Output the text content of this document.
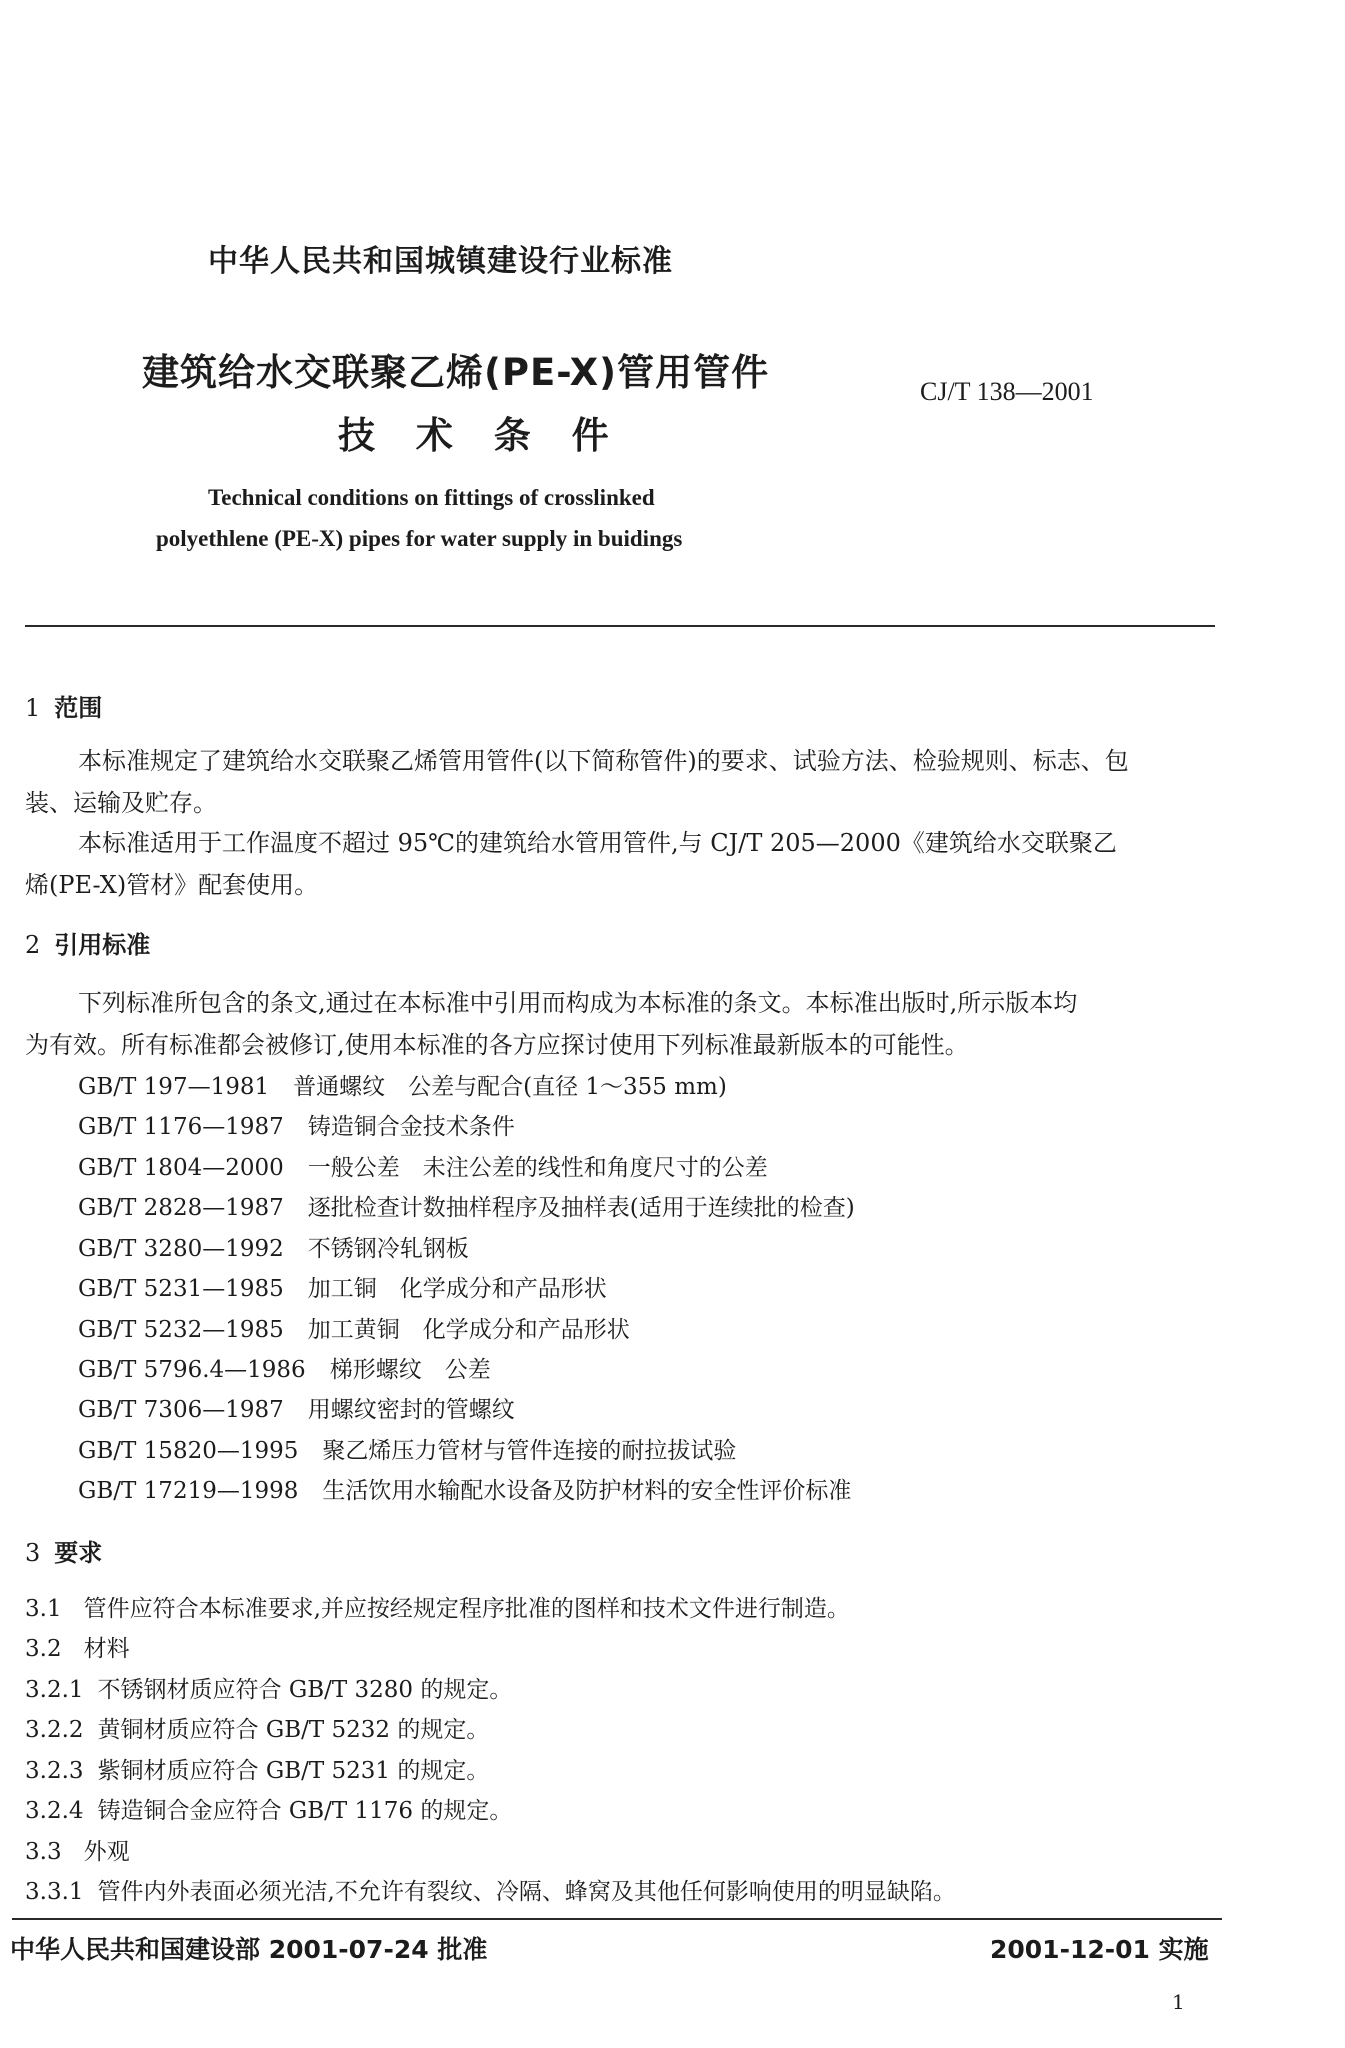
中华人民共和国城镇建设行业标准
建筑给水交联聚乙烯(PE-X)管用管件
技 术 条 件
CJ/T 138—2001
Technical conditions on fittings of crosslinked
polyethlene (PE-X) pipes for water supply in buidings
1 范围
本标准规定了建筑给水交联聚乙烯管用管件(以下简称管件)的要求、试验方法、检验规则、标志、包
装、运输及贮存。
本标准适用于工作温度不超过 95℃的建筑给水管用管件,与 CJ/T 205—2000《建筑给水交联聚乙
烯(PE-X)管材》配套使用。
2 引用标准
下列标准所包含的条文,通过在本标准中引用而构成为本标准的条文。本标准出版时,所示版本均
为有效。所有标准都会被修订,使用本标准的各方应探讨使用下列标准最新版本的可能性。
GB/T 197—1981 普通螺纹　公差与配合(直径 1～355 mm)
GB/T 1176—1987 铸造铜合金技术条件
GB/T 1804—2000 一般公差　未注公差的线性和角度尺寸的公差
GB/T 2828—1987 逐批检查计数抽样程序及抽样表(适用于连续批的检查)
GB/T 3280—1992 不锈钢冷轧钢板
GB/T 5231—1985 加工铜　化学成分和产品形状
GB/T 5232—1985 加工黄铜　化学成分和产品形状
GB/T 5796.4—1986 梯形螺纹　公差
GB/T 7306—1987 用螺纹密封的管螺纹
GB/T 15820—1995 聚乙烯压力管材与管件连接的耐拉拔试验
GB/T 17219—1998 生活饮用水输配水设备及防护材料的安全性评价标准
3 要求
3.1 管件应符合本标准要求,并应按经规定程序批准的图样和技术文件进行制造。
3.2 材料
3.2.1 不锈钢材质应符合 GB/T 3280 的规定。
3.2.2 黄铜材质应符合 GB/T 5232 的规定。
3.2.3 紫铜材质应符合 GB/T 5231 的规定。
3.2.4 铸造铜合金应符合 GB/T 1176 的规定。
3.3 外观
3.3.1 管件内外表面必须光洁,不允许有裂纹、冷隔、蜂窝及其他任何影响使用的明显缺陷。
中华人民共和国建设部 2001-07-24 批准	2001-12-01 实施
1
